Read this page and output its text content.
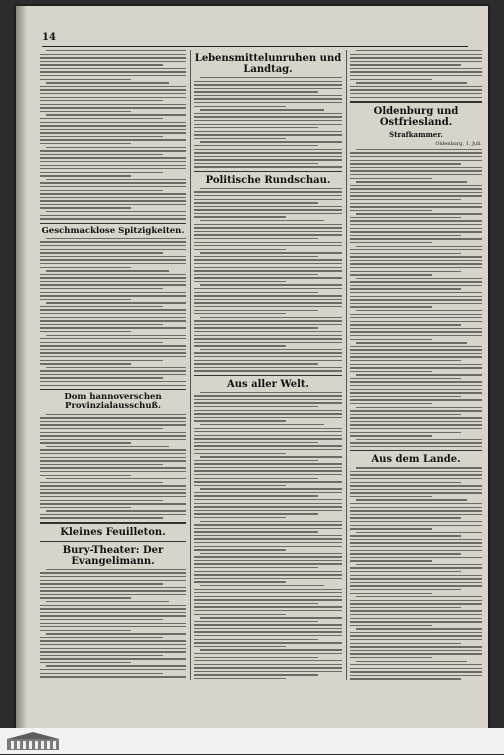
14
Geschmacklose Spitzigkeiten.
Dom hannoverschen Provinzialausschuß.
Kleines Feuilleton.
Bury-Theater: Der Evangelimann.
Lebensmittelunruhen und Landtag.
Politische Rundschau.
Aus aller Welt.
Oldenburg und Ostfriesland.
Strafkammer.
Oldenburg, 1. Juli.
Aus dem Lande.
